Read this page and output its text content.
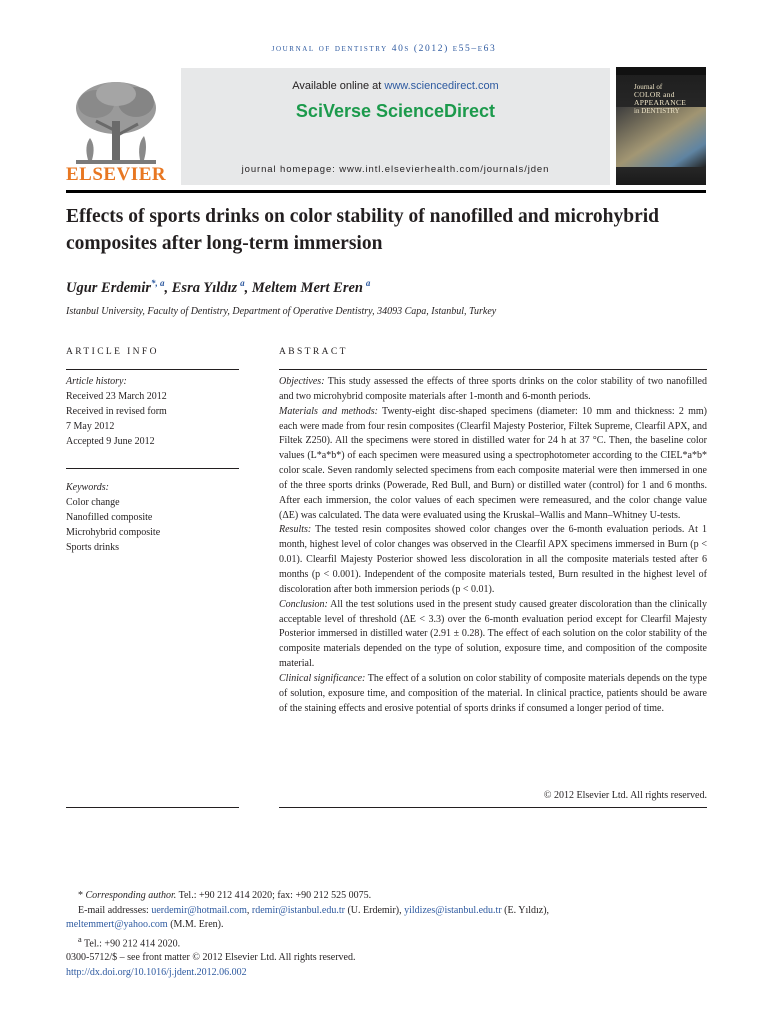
journal of dentistry 40s (2012) e55–e63
ELSEVIER
Available online at www.sciencedirect.com
SciVerse ScienceDirect
journal homepage: www.intl.elsevierhealth.com/journals/jden
Journal of
COLOR and
APPEARANCE
in DENTISTRY
Effects of sports drinks on color stability of nanofilled and microhybrid composites after long-term immersion
Ugur Erdemir$^{*, a}$, Esra Yıldız  $^a$, Meltem Mert Eren  $^a$
Istanbul University, Faculty of Dentistry, Department of Operative Dentistry, 34093 Capa, Istanbul, Turkey
ARTICLE INFO
Article history:
Received 23 March 2012
Received in revised form
7 May 2012
Accepted 9 June 2012
Keywords:
Color change
Nanofilled composite
Microhybrid composite
Sports drinks
ABSTRACT

Objectives: This study assessed the effects of three sports drinks on the color stability of two nanofilled and two microhybrid composite materials after 1-month and 6-month periods.

Materials and methods: Twenty-eight disc-shaped specimens (diameter: 10 mm and thickness: 2 mm) each were made from four resin composites (Clearfil Majesty Posterior, Filtek Supreme, Clearfil APX, and Filtek Z250). All the specimens were stored in distilled water for 24 h at 37 °C. Then, the baseline color values (L*a*b*) of each specimen were measured using a spectrophotometer according to the CIEL*a*b* color scale. Seven randomly selected specimens from each composite material were then immersed in one of the three sports drinks (Powerade, Red Bull, and Burn) or distilled water (control) for 1 and 6 months. After each immersion, the color values of each specimen were remeasured, and the color change value (ΔE) was calculated. The data were evaluated using the Kruskal–Wallis and Mann–Whitney U-tests.

Results: The tested resin composites showed color changes over the 6-month evaluation periods. At 1 month, highest level of color changes was observed in the Clearfil APX specimens immersed in Burn (p < 0.01). Clearfil Majesty Posterior showed less discoloration in all the composite materials tested after 6 months (p < 0.001). Independent of the composite materials tested, Burn resulted in the highest level of discoloration after both immersion periods (p < 0.01).

Conclusion: All the test solutions used in the present study caused greater discoloration than the clinically acceptable level of threshold (ΔE < 3.3) over the 6-month evaluation period except for Clearfil Majesty Posterior immersed in distilled water (2.91 ± 0.28). The effect of each solution on the color stability of the composite materials depended on the type of solution, exposure time, and composition of the composite material.

Clinical significance: The effect of a solution on color stability of composite materials depends on the type of solution, exposure time, and composition of the material. In clinical practice, patients should be aware of the staining effects and erosive potential of sports drinks if consumed a longer period of time.

© 2012 Elsevier Ltd. All rights reserved.
* Corresponding author. Tel.: +90 212 414 2020; fax: +90 212 525 0075.
E-mail addresses: uerdemir@hotmail.com, rdemir@istanbul.edu.tr (U. Erdemir), yildizes@istanbul.edu.tr (E. Yıldız),
meltemmert@yahoo.com (M.M. Eren).
$^a$ Tel.: +90 212 414 2020.
0300-5712/$ – see front matter © 2012 Elsevier Ltd. All rights reserved.
http://dx.doi.org/10.1016/j.jdent.2012.06.002
